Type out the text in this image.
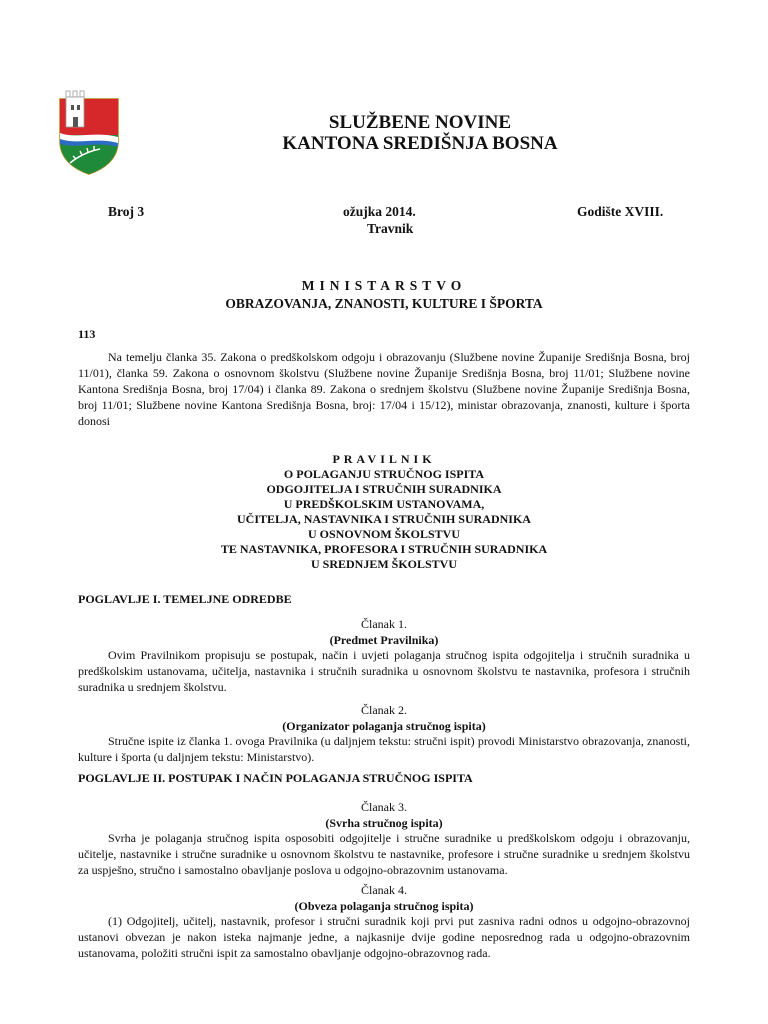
SLUŽBENE NOVINE
KANTONA SREDIŠNJA BOSNA
Broj 3	ožujka 2014.	Godište XVIII.
Travnik
MINISTARSTVO
OBRAZOVANJA, ZNANOSTI, KULTURE I ŠPORTA
113
Na temelju članka 35. Zakona o predškolskom odgoju i obrazovanju (Službene novine Županije Središnja Bosna, broj 11/01), članka 59. Zakona o osnovnom školstvu (Službene novine Županije Središnja Bosna, broj 11/01; Službene novine Kantona Središnja Bosna, broj 17/04) i članka 89. Zakona o srednjem školstvu (Službene novine Županije Središnja Bosna, broj 11/01; Službene novine Kantona Središnja Bosna, broj: 17/04 i 15/12), ministar obrazovanja, znanosti, kulture i športa donosi
PRAVILNIK
O POLAGANJU STRUČNOG ISPITA
ODGOJITELJA I STRUČNIH SURADNIKA
U PREDŠKOLSKIM USTANOVAMA,
UČITELJA, NASTAVNIKA I STRUČNIH SURADNIKA
U OSNOVNOM ŠKOLSTVU
TE NASTAVNIKA, PROFESORA I STRUČNIH SURADNIKA
U SREDNJEM ŠKOLSTVU
POGLAVLJE I. TEMELJNE ODREDBE
Članak 1.
(Predmet Pravilnika)
Ovim Pravilnikom propisuju se postupak, način i uvjeti polaganja stručnog ispita odgojitelja i stručnih suradnika u predškolskim ustanovama, učitelja, nastavnika i stručnih suradnika u osnovnom školstvu te nastavnika, profesora i stručnih suradnika u srednjem školstvu.
Članak 2.
(Organizator polaganja stručnog ispita)
Stručne ispite iz članka 1. ovoga Pravilnika (u daljnjem tekstu: stručni ispit) provodi Ministarstvo obrazovanja, znanosti, kulture i športa (u daljnjem tekstu: Ministarstvo).
POGLAVLJE II. POSTUPAK I NAČIN POLAGANJA STRUČNOG ISPITA
Članak 3.
(Svrha stručnog ispita)
Svrha je polaganja stručnog ispita osposobiti odgojitelje i stručne suradnike u predškolskom odgoju i obrazovanju, učitelje, nastavnike i stručne suradnike u osnovnom školstvu te nastavnike, profesore i stručne suradnike u srednjem školstvu za uspješno, stručno i samostalno obavljanje poslova u odgojno-obrazovnim ustanovama.
Članak 4.
(Obveza polaganja stručnog ispita)
(1) Odgojitelj, učitelj, nastavnik, profesor i stručni suradnik koji prvi put zasniva radni odnos u odgojno-obrazovnoj ustanovi obvezan je nakon isteka najmanje jedne, a najkasnije dvije godine neposrednog rada u odgojno-obrazovnim ustanovama, položiti stručni ispit za samostalno obavljanje odgojno-obrazovnog rada.
